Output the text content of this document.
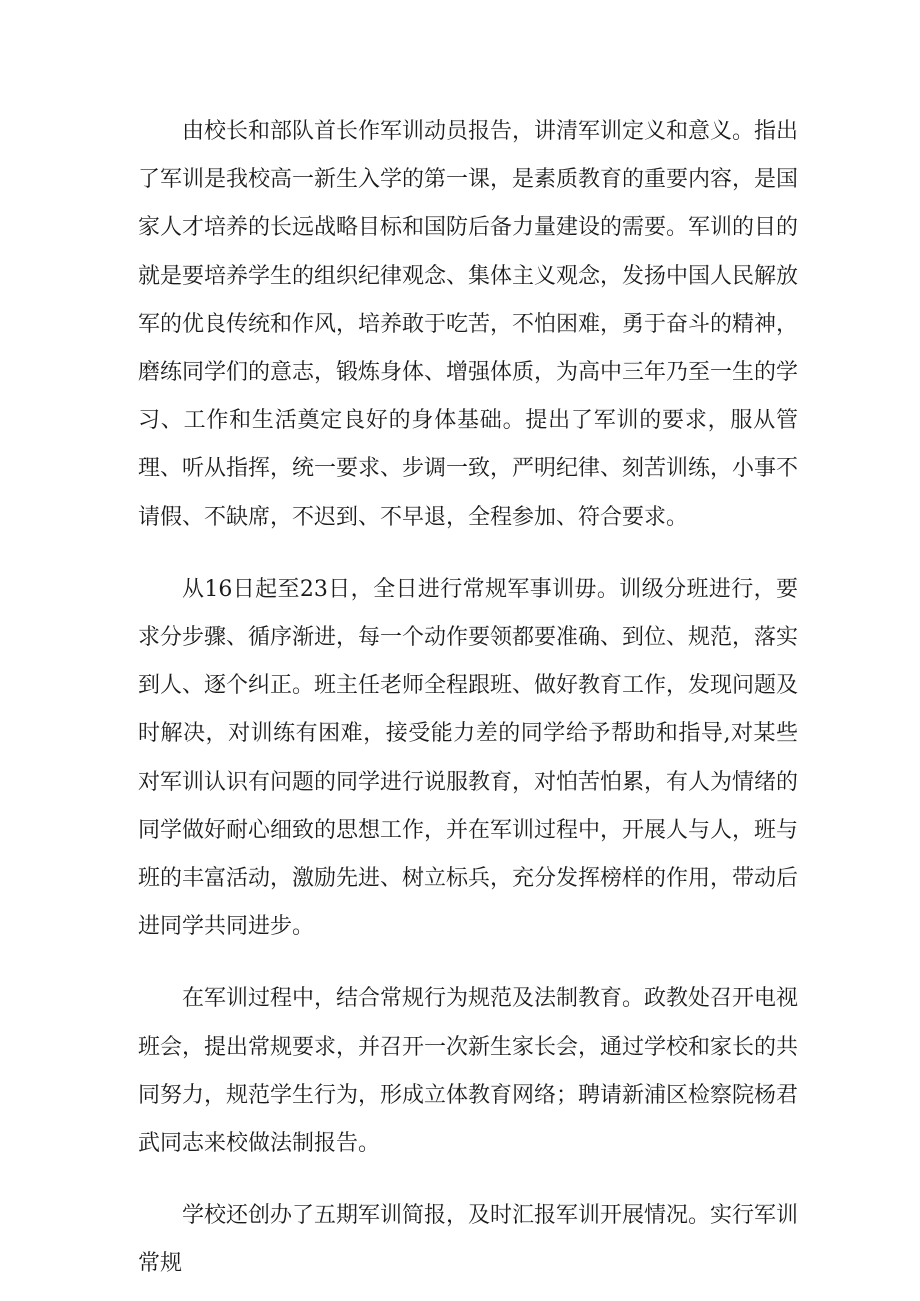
由校长和部队首长作军训动员报告，讲清军训定义和意义。指出了军训是我校高一新生入学的第一课，是素质教育的重要内容，是国家人才培养的长远战略目标和国防后备力量建设的需要。军训的目的就是要培养学生的组织纪律观念、集体主义观念，发扬中国人民解放军的优良传统和作风，培养敢于吃苦，不怕困难，勇于奋斗的精神，磨练同学们的意志，锻炼身体、增强体质，为高中三年乃至一生的学习、工作和生活奠定良好的身体基础。提出了军训的要求，服从管理、听从指挥，统一要求、步调一致，严明纪律、刻苦训练，小事不请假、不缺席，不迟到、不早退，全程参加、符合要求。

从16日起至23日，全日进行常规军事训毋。训级分班进行，要求分步骤、循序渐进，每一个动作要领都要准确、到位、规范，落实到人、逐个纠正。班主任老师全程跟班、做好教育工作，发现问题及时解决，对训练有困难，接受能力差的同学给予帮助和指导,对某些对军训认识有问题的同学进行说服教育，对怕苦怕累，有人为情绪的同学做好耐心细致的思想工作，并在军训过程中，开展人与人，班与班的丰富活动，激励先进、树立标兵，充分发挥榜样的作用，带动后进同学共同进步。

在军训过程中，结合常规行为规范及法制教育。政教处召开电视班会，提出常规要求，并召开一次新生家长会，通过学校和家长的共同努力，规范学生行为，形成立体教育网络；聘请新浦区检察院杨君武同志来校做法制报告。

学校还创办了五期军训简报，及时汇报军训开展情况。实行军训常规
